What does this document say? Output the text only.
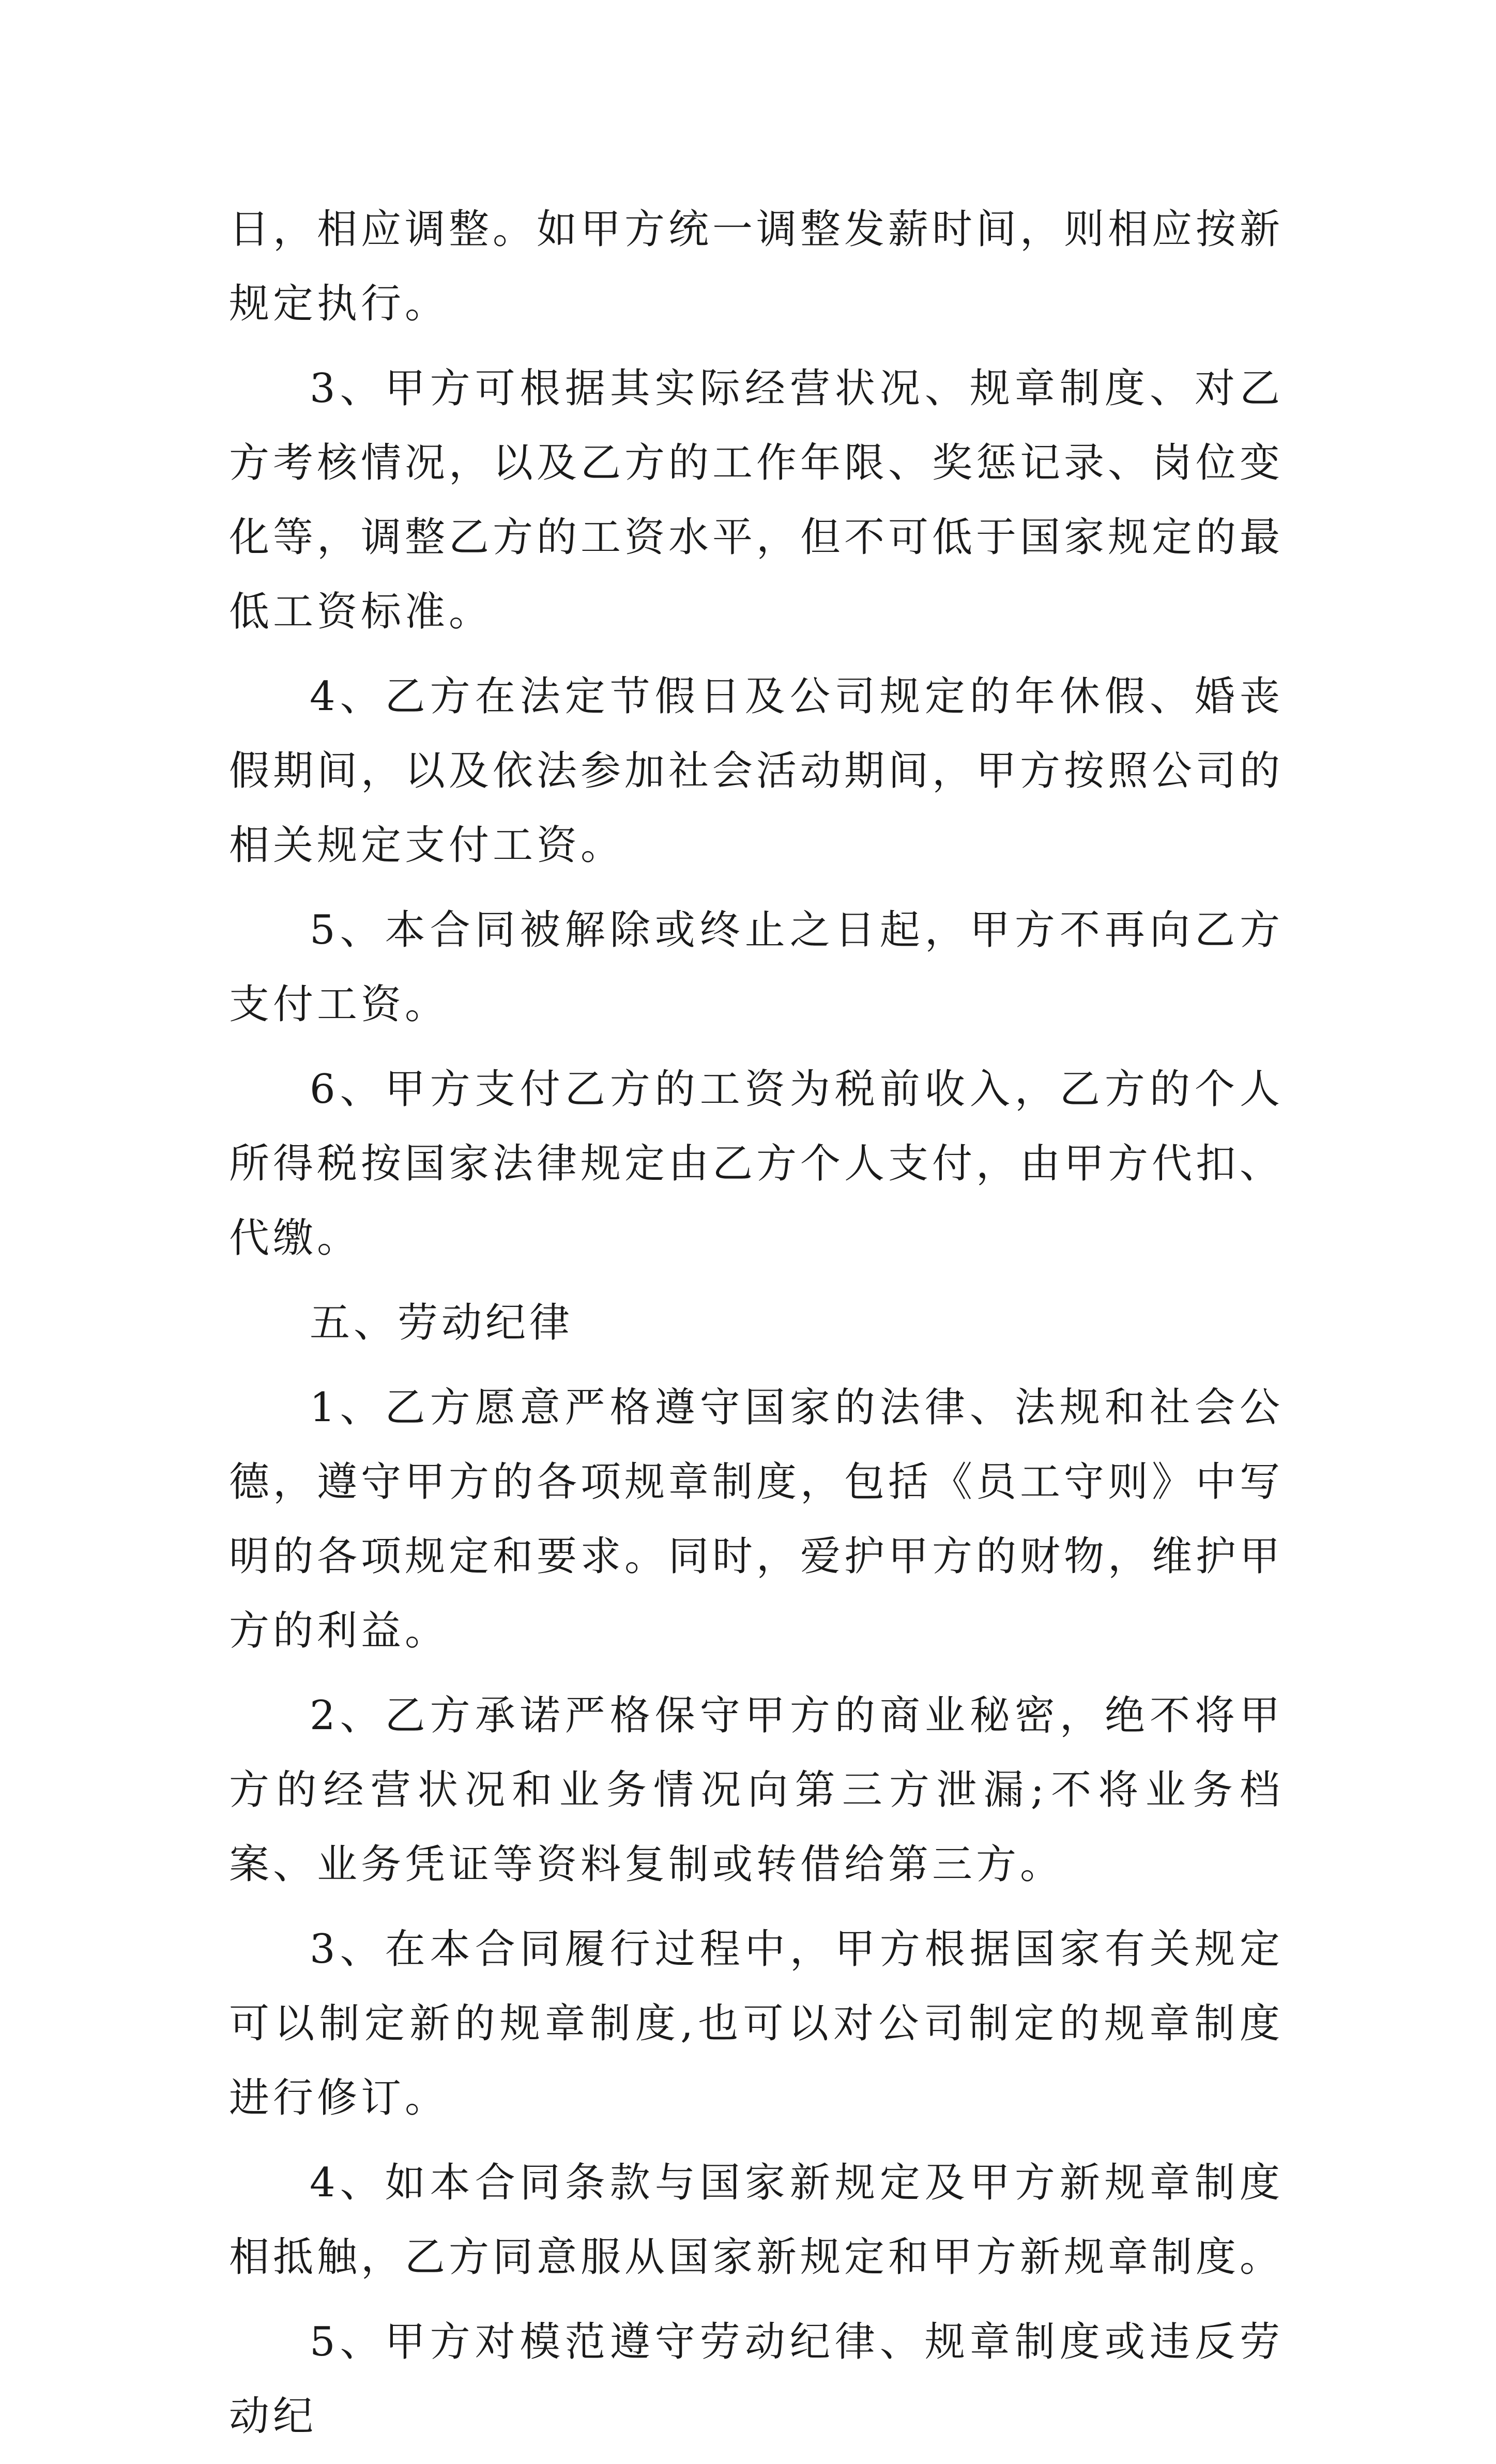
日，相应调整。如甲方统一调整发薪时间，则相应按新规定执行。

3、甲方可根据其实际经营状况、规章制度、对乙方考核情况，以及乙方的工作年限、奖惩记录、岗位变化等，调整乙方的工资水平，但不可低于国家规定的最低工资标准。

4、乙方在法定节假日及公司规定的年休假、婚丧假期间，以及依法参加社会活动期间，甲方按照公司的相关规定支付工资。

5、本合同被解除或终止之日起，甲方不再向乙方支付工资。

6、甲方支付乙方的工资为税前收入，乙方的个人所得税按国家法律规定由乙方个人支付，由甲方代扣、代缴。

五、劳动纪律

1、乙方愿意严格遵守国家的法律、法规和社会公德，遵守甲方的各项规章制度，包括《员工守则》中写明的各项规定和要求。同时，爱护甲方的财物，维护甲方的利益。

2、乙方承诺严格保守甲方的商业秘密，绝不将甲方的经营状况和业务情况向第三方泄漏;不将业务档案、业务凭证等资料复制或转借给第三方。

3、在本合同履行过程中，甲方根据国家有关规定可以制定新的规章制度,也可以对公司制定的规章制度进行修订。

4、如本合同条款与国家新规定及甲方新规章制度相抵触，乙方同意服从国家新规定和甲方新规章制度。

5、甲方对模范遵守劳动纪律、规章制度或违反劳动纪
